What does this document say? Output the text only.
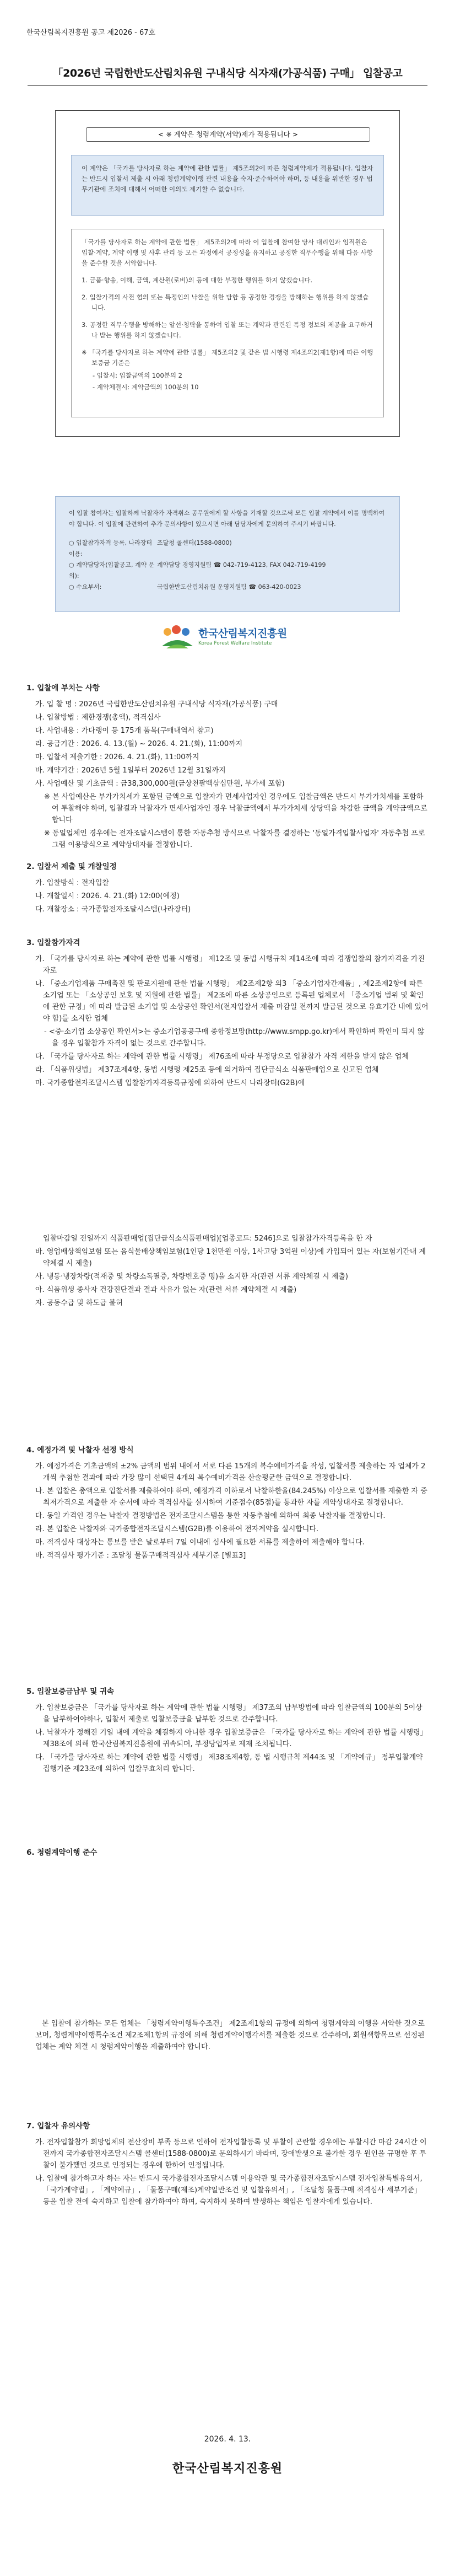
한국산림복지진흥원 공고 제2026 - 67호
「2026년 국립한반도산림치유원 구내식당 식자재(가공식품) 구매」 입찰공고
< ※ 계약은 청렴계약(서약)제가 적용됩니다 >
이 계약은 「국가를 당사자로 하는 계약에 관한 법률」 제5조의2에 따른 청렴계약제가 적용됩니다. 입찰자는 반드시 입찰서 제출 시 아래 청렴계약이행 관련 내용을 숙지·준수하여야 하며, 등 내용을 위반한 경우 법무기관에 조치에 대해서 어떠한 이의도 제기할 수 없습니다.

「국가를 당사자로 하는 계약에 관한 법률」 제5조의2에 따라 이 입찰에 참여한 당사 대리인과 임직원은 입찰·계약, 계약 이행 및 사후 관리 등 모든 과정에서 공정성을 유지하고 공정한 직무수행을 위해 다음 사항을 준수할 것을 서약합니다.

1. 금품·향응, 이해, 금액, 계산원(로비)의 등에 대한 부정한 행위를 하지 않겠습니다.

2. 입찰가격의 사전 협의 또는 특정인의 낙찰을 위한 담합 등 공정한 경쟁을 방해하는 행위를 하지 않겠습니다.

3. 공정한 직무수행을 방해하는 알선·청탁을 통하여 입찰 또는 계약과 관련된 특정 정보의 제공을 요구하거나 받는 행위를 하지 않겠습니다.

※ 「국가를 당사자로 하는 계약에 관한 법률」 제5조의2 및 같은 법 시행령 제4조의2(제1항)에 따른 이행 보증금 기준은

- 입찰시: 입찰금액의 100분의 2

- 계약체결시: 계약금액의 100분의 10

이 입찰 참여자는 입찰하께 낙찰자가 자격취소 공무원에게 할 사항을 기재할 것으로써 모든 입찰 계약에서 이를 명백하여야 합니다. 이 입찰에 관련하여 추가 문의사항이 있으시면 아래 담당자에게 문의하여 주시기 바랍니다.

○ 입찰참가자격 등록, 나라장터 이용:
조달청 콜센터(1588-0800)
○ 계약담당자(입찰공고, 계약 문의):
계약담당 경영지원팀 ☎ 042-719-4123, FAX 042-719-4199
○ 수요부서:	국립한반도산림치유원 운영지원팀 ☎ 063-420-0023
한국산림복지진흥원
Korea Forest Welfare Institute
1. 입찰에 부치는 사항
가. 입 찰 명 : 2026년 국립한반도산림치유원 구내식당 식자재(가공식품) 구매
나. 입찰방법 : 제한경쟁(총액), 적격심사
다. 사업내용 : 가다랭이 등 175개 품목(구매내역서 참고)
라. 공급기간 : 2026. 4. 13.(월) ~ 2026. 4. 21.(화), 11:00까지
마. 입찰서 제출기한 : 2026. 4. 21.(화), 11:00까지
바. 계약기간 : 2026년 5월 1일부터 2026년 12월 31일까지
사. 사업예산 및 기초금액 : 금38,300,000원(금상천팔백삼십만원, 부가세 포함)
※ 본 사업예산은 부가가치세가 포함된 금액으로 입찰자가 면세사업자인 경우에도 입찰금액은 반드시 부가가치세를 포함하여 투찰해야 하며, 입찰결과 낙찰자가 면세사업자인 경우 낙찰금액에서 부가가치세 상당액을 차감한 금액을 계약금액으로 합니다
※ 동일업체인 경우에는 전자조달시스템이 통한 자동추첨 방식으로 낙찰자를 결정하는 '동일가격입찰사업자' 자동추첨 프로그램 이용방식으로 계약상대자를 결정합니다.
2. 입찰서 제출 및 개찰일정
가. 입찰방식 : 전자입찰
나. 개찰일시 : 2026. 4. 21.(화) 12:00(예정)
다. 개찰장소 : 국가종합전자조달시스템(나라장터)
3. 입찰참가자격
가. 「국가를 당사자로 하는 계약에 관한 법률 시행령」 제12조 및 동법 시행규칙 제14조에 따라 경쟁입찰의 참가자격을 가진자로
나. 「중소기업제품 구매촉진 및 판로지원에 관한 법률 시행령」 제2조제2항 의3 「중소기업자간제품」, 제2조제2항에 따른 소기업 또는 「소상공인 보호 및 지원에 관한 법률」 제2조에 따른 소상공인으로 등록된 업체로서 「중소기업 범위 및 확인에 관한 규정」에 따라 발급된 소기업 및 소상공인 확인서(전자입찰서 제출 마감일 전까지 발급된 것으로 유효기간 내에 있어야 함)를 소지한 업체
- <중·소기업 소상공인 확인서>는 중소기업공공구매 종합정보망(http://www.smpp.go.kr)에서 확인하며 확인이 되지 않을 경우 입찰참가 자격이 없는 것으로 간주합니다.
다. 「국가를 당사자로 하는 계약에 관한 법률 시행령」 제76조에 따라 부정당으로 입찰참가 자격 제한을 받지 않은 업체
라. 「식품위생법」 제37조제4항, 동법 시행령 제25조 등에 의거하여 집단급식소 식품판매업으로 신고된 업체
마. 국가종합전자조달시스템 입찰참가자격등록규정에 의하여 반드시 나라장터(G2B)에
입찰마감일 전일까지 식품판매업(집단급식소식품판매업)[업종코드: 5246]으로 입찰참가자격등록을 한 자
바. 영업배상책임보험 또는 음식물배상책임보험(1인당 1천만원 이상, 1사고당 3억원 이상)에 가입되어 있는 자(보험기간내 계약체결 시 제출)
사. 냉동·냉장차량(적재중 및 차량소독필증, 차량번호증 명)을 소지한 자(관련 서류 계약체결 시 제출)
아. 식품위생 종사자 건강진단결과 결과 사유가 없는 자(관련 서류 계약체결 시 제출)
자. 공동수급 및 하도급 불허
4. 예정가격 및 낙찰자 선정 방식
가. 예정가격은 기초금액의 ±2% 금액의 범위 내에서 서로 다른 15개의 복수예비가격을 작성, 입찰서를 제출하는 자 업체가 2개씩 추첨한 결과에 따라 가장 많이 선택된 4개의 복수예비가격을 산술평균한 금액으로 결정합니다.
나. 본 입찰은 총액으로 입찰서를 제출하여야 하며, 예정가격 이하로서 낙찰하한율(84.245%) 이상으로 입찰서를 제출한 자 중 최저가격으로 제출한 자 순서에 따라 적격심사를 실시하여 기준점수(85점)를 통과한 자를 계약상대자로 결정합니다.
다. 동일 가격인 경우는 낙찰자 결정방법은 전자조달시스템을 통한 자동추첨에 의하여 최종 낙찰자를 결정합니다.
라. 본 입찰은 낙찰자와 국가종합전자조달시스템(G2B)를 이용하여 전자계약을 실시합니다.
마. 적격심사 대상자는 통보를 받은 날로부터 7일 이내에 심사에 필요한 서류를 제출하여 제출해야 합니다.
바. 적격심사 평가기준 : 조달청 물품구매적격심사 세부기준 [별표3]
5. 입찰보증금납부 및 귀속
가. 입찰보증금은 「국가를 당사자로 하는 계약에 관한 법률 시행령」 제37조의 납부방법에 따라 입찰금액의 100분의 5이상을 납부하여야하나, 입찰서 제출로 입찰보증금을 납부한 것으로 간주합니다.
나. 낙찰자가 정해진 기일 내에 계약을 체결하지 아니한 경우 입찰보증금은 「국가를 당사자로 하는 계약에 관한 법률 시행령」 제38조에 의해 한국산림복지진흥원에 귀속되며, 부정당업자로 제재 조치됩니다.
다. 「국가를 당사자로 하는 계약에 관한 법률 시행령」 제38조제4항, 동 법 시행규칙 제44조 및 「계약예규」 정부입찰계약 집행기준 제23조에 의하여 입찰무효처리 합니다.
6. 청렴계약이행 준수
본 입찰에 참가하는 모든 업체는 「청렴계약이행특수조건」 제2조제1항의 규정에 의하여 청렴계약의 이행을 서약한 것으로 보며, 청렴계약이행특수조건 제2조제1항의 규정에 의해 청렴계약이행각서를 제출한 것으로 간주하며, 회원색항목으로 선정된 업체는 계약 체결 시 청렴계약이행을 제출하여야 합니다.
7. 입찰자 유의사항
가. 전자입찰참가 희망업체의 전산장비 부족 등으로 인하여 전자입찰등록 및 투찰이 곤란할 경우에는 투찰시간 마감 24시간 이전까지 국가종합전자조달시스템 콜센터(1588-0800)로 문의하시기 바라며, 장애발생으로 불가한 경우 원인을 규명한 후 투찰이 불가했던 것으로 인정되는 경우에 한하여 인정됩니다.
나. 입찰에 참가하고자 하는 자는 반드시 국가종합전자조달시스템 이용약관 및 국가종합전자조달시스템 전자입찰특별유의서, 「국가계약법」, 「계약예규」, 「물품구매(제조)계약일반조건 및 입찰유의서」, 「조달청 물품구매 적격심사 세부기준」 등을 입찰 전에 숙지하고 입찰에 참가하여야 하며, 숙지하지 못하여 발생하는 책임은 입찰자에게 있습니다.
2026. 4. 13.
한국산림복지진흥원
